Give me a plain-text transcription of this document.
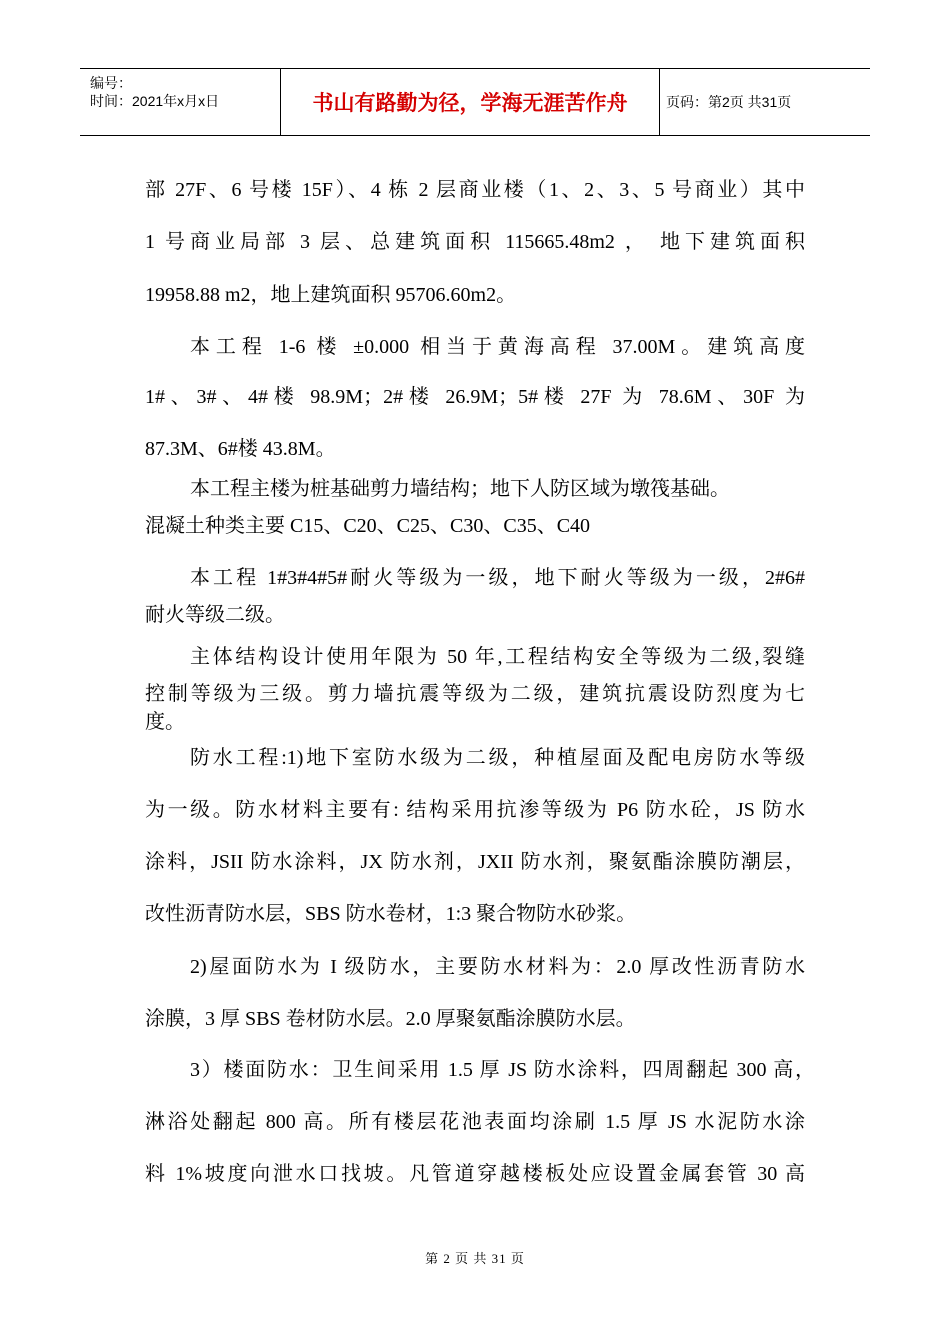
编号：
时间：2021年x月x日	书山有路勤为径，学海无涯苦作舟	页码：第2页 共31页
部 27F、6 号楼 15F）、4 栋 2 层商业楼（1、2、3、5 号商业）其中
1 号商业局部 3 层、总建筑面积 115665.48m2 ， 地下建筑面积
19958.88 m2，地上建筑面积 95706.60m2。
本工程 1-6 楼 ±0.000 相当于黄海高程 37.00M。建筑高度
1#、3#、4#楼 98.9M；2#楼 26.9M；5#楼 27F 为 78.6M、30F 为
87.3M、6#楼 43.8M。
本工程主楼为桩基础剪力墙结构；地下人防区域为墩筏基础。
混凝土种类主要 C15、C20、C25、C30、C35、C40
本工程 1#3#4#5#耐火等级为一级，地下耐火等级为一级，2#6#
耐火等级二级。
主体结构设计使用年限为 50 年,工程结构安全等级为二级,裂缝
控制等级为三级。剪力墙抗震等级为二级，建筑抗震设防烈度为七
度。
防水工程:1)地下室防水级为二级，种植屋面及配电房防水等级
为一级。防水材料主要有: 结构采用抗渗等级为 P6 防水砼，JS 防水
涂料，JSII 防水涂料，JX 防水剂，JXII 防水剂，聚氨酯涂膜防潮层，
改性沥青防水层，SBS 防水卷材，1:3 聚合物防水砂浆。
2)屋面防水为 I 级防水，主要防水材料为：2.0 厚改性沥青防水
涂膜，3 厚 SBS 卷材防水层。2.0 厚聚氨酯涂膜防水层。
3）楼面防水：卫生间采用 1.5 厚 JS 防水涂料，四周翻起 300 高，
淋浴处翻起 800 高。所有楼层花池表面均涂刷 1.5 厚 JS 水泥防水涂
料 1%坡度向泄水口找坡。凡管道穿越楼板处应设置金属套管 30 高
第 2 页 共 31 页
